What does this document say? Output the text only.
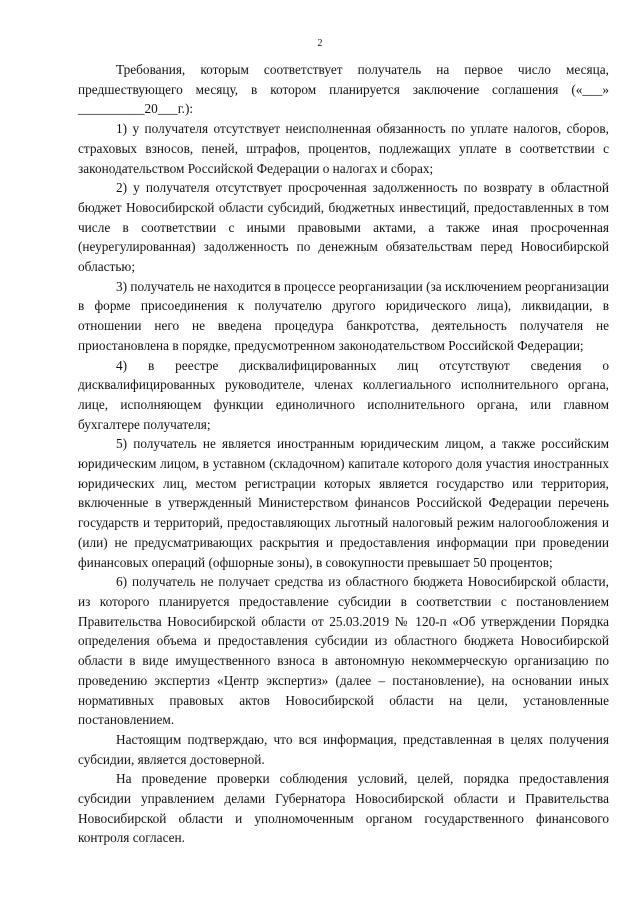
2

Требования, которым соответствует получатель на первое число месяца, предшествующего месяцу, в котором планируется заключение соглашения («___» __________20___г.):

1) у получателя отсутствует неисполненная обязанность по уплате налогов, сборов, страховых взносов, пеней, штрафов, процентов, подлежащих уплате в соответствии с законодательством Российской Федерации о налогах и сборах;

2) у получателя отсутствует просроченная задолженность по возврату в областной бюджет Новосибирской области субсидий, бюджетных инвестиций, предоставленных в том числе в соответствии с иными правовыми актами, а также иная просроченная (неурегулированная) задолженность по денежным обязательствам перед Новосибирской областью;

3) получатель не находится в процессе реорганизации (за исключением реорганизации в форме присоединения к получателю другого юридического лица), ликвидации, в отношении него не введена процедура банкротства, деятельность получателя не приостановлена в порядке, предусмотренном законодательством Российской Федерации;

4) в реестре дисквалифицированных лиц отсутствуют сведения о дисквалифицированных руководителе, членах коллегиального исполнительного органа, лице, исполняющем функции единоличного исполнительного органа, или главном бухгалтере получателя;

5) получатель не является иностранным юридическим лицом, а также российским юридическим лицом, в уставном (складочном) капитале которого доля участия иностранных юридических лиц, местом регистрации которых является государство или территория, включенные в утвержденный Министерством финансов Российской Федерации перечень государств и территорий, предоставляющих льготный налоговый режим налогообложения и (или) не предусматривающих раскрытия и предоставления информации при проведении финансовых операций (офшорные зоны), в совокупности превышает 50 процентов;

6) получатель не получает средства из областного бюджета Новосибирской области, из которого планируется предоставление субсидии в соответствии с постановлением Правительства Новосибирской области от 25.03.2019 № 120-п «Об утверждении Порядка определения объема и предоставления субсидии из областного бюджета Новосибирской области в виде имущественного взноса в автономную некоммерческую организацию по проведению экспертиз «Центр экспертиз» (далее – постановление), на основании иных нормативных правовых актов Новосибирской области на цели, установленные постановлением.

Настоящим подтверждаю, что вся информация, представленная в целях получения субсидии, является достоверной.

На проведение проверки соблюдения условий, целей, порядка предоставления субсидии управлением делами Губернатора Новосибирской области и Правительства Новосибирской области и уполномоченным органом государственного финансового контроля согласен.
